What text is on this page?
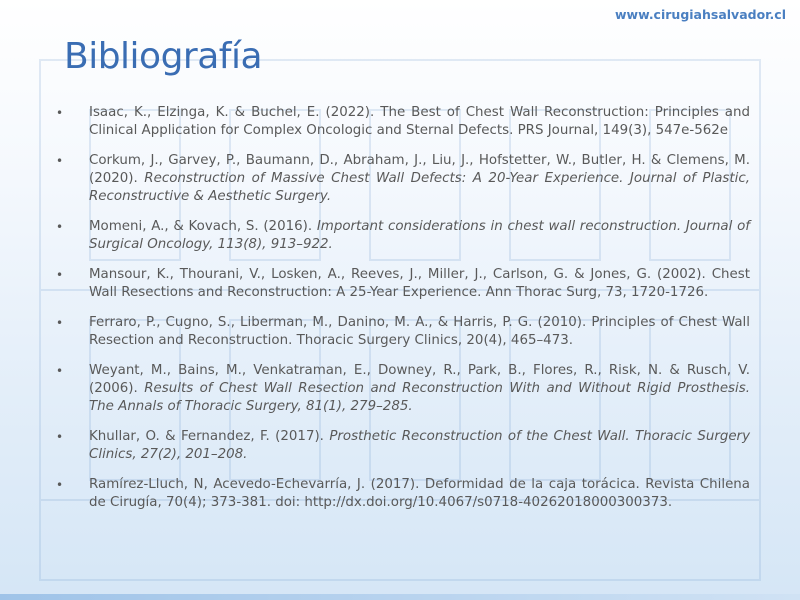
www.cirugiahsalvador.cl
Bibliografía
• Isaac, K., Elzinga, K. & Buchel, E. (2022). The Best of Chest Wall Reconstruction: Principles and Clinical Application for Complex Oncologic and Sternal Defects. PRS Journal, 149(3), 547e-562e
• Corkum, J., Garvey, P., Baumann, D., Abraham, J., Liu, J., Hofstetter, W., Butler, H. & Clemens, M. (2020). Reconstruction of Massive Chest Wall Defects: A 20-Year Experience. Journal of Plastic, Reconstructive & Aesthetic Surgery.
• Momeni, A., & Kovach, S. (2016). Important considerations in chest wall reconstruction. Journal of Surgical Oncology, 113(8), 913–922.
• Mansour, K., Thourani, V., Losken, A., Reeves, J., Miller, J., Carlson, G. & Jones, G. (2002). Chest Wall Resections and Reconstruction: A 25-Year Experience. Ann Thorac Surg, 73, 1720-1726.
• Ferraro, P., Cugno, S., Liberman, M., Danino, M. A., & Harris, P. G. (2010). Principles of Chest Wall Resection and Reconstruction. Thoracic Surgery Clinics, 20(4), 465–473.
• Weyant, M., Bains, M., Venkatraman, E., Downey, R., Park, B., Flores, R., Risk, N. & Rusch, V. (2006). Results of Chest Wall Resection and Reconstruction With and Without Rigid Prosthesis. The Annals of Thoracic Surgery, 81(1), 279–285.
• Khullar, O. & Fernandez, F. (2017). Prosthetic Reconstruction of the Chest Wall. Thoracic Surgery Clinics, 27(2), 201–208.
• Ramírez-Lluch, N, Acevedo-Echevarría, J. (2017). Deformidad de la caja torácica. Revista Chilena de Cirugía, 70(4); 373-381. doi: http://dx.doi.org/10.4067/s0718-40262018000300373.
